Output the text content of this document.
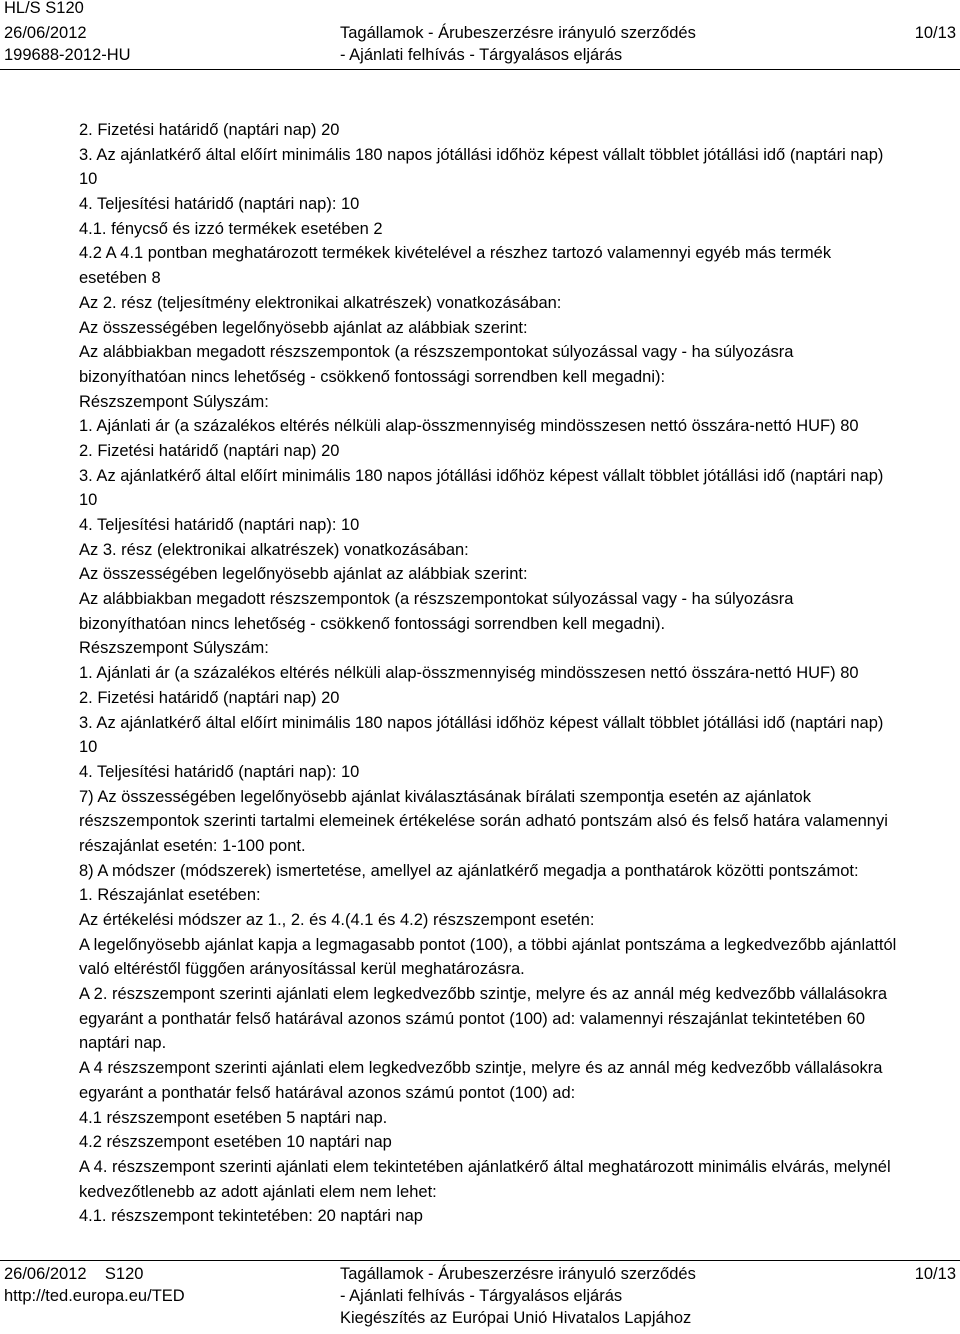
HL/S S120
26/06/2012
199688-2012-HU
Tagállamok - Árubeszerzésre irányuló szerződés
- Ajánlati felhívás - Tárgyalásos eljárás
10/13
2. Fizetési határidő (naptári nap) 20
3. Az ajánlatkérő által előírt minimális 180 napos jótállási időhöz képest vállalt többlet jótállási idő (naptári nap)
10
4. Teljesítési határidő (naptári nap): 10
4.1. fénycső és izzó termékek esetében 2
4.2 A 4.1 pontban meghatározott termékek kivételével a részhez tartozó valamennyi egyéb más termék
esetében 8
Az 2. rész (teljesítmény elektronikai alkatrészek) vonatkozásában:
Az összességében legelőnyösebb ajánlat az alábbiak szerint:
Az alábbiakban megadott részszempontok (a részszempontokat súlyozással vagy - ha súlyozásra
bizonyíthatóan nincs lehetőség - csökkenő fontossági sorrendben kell megadni):
Részszempont Súlyszám:
1. Ajánlati ár (a százalékos eltérés nélküli alap-összmennyiség mindösszesen nettó összára-nettó HUF) 80
2. Fizetési határidő (naptári nap) 20
3. Az ajánlatkérő által előírt minimális 180 napos jótállási időhöz képest vállalt többlet jótállási idő (naptári nap)
10
4. Teljesítési határidő (naptári nap): 10
Az 3. rész (elektronikai alkatrészek) vonatkozásában:
Az összességében legelőnyösebb ajánlat az alábbiak szerint:
Az alábbiakban megadott részszempontok (a részszempontokat súlyozással vagy - ha súlyozásra
bizonyíthatóan nincs lehetőség - csökkenő fontossági sorrendben kell megadni).
Részszempont Súlyszám:
1. Ajánlati ár (a százalékos eltérés nélküli alap-összmennyiség mindösszesen nettó összára-nettó HUF) 80
2. Fizetési határidő (naptári nap) 20
3. Az ajánlatkérő által előírt minimális 180 napos jótállási időhöz képest vállalt többlet jótállási idő (naptári nap)
10
4. Teljesítési határidő (naptári nap): 10
7) Az összességében legelőnyösebb ajánlat kiválasztásának bírálati szempontja esetén az ajánlatok
részszempontok szerinti tartalmi elemeinek értékelése során adható pontszám alsó és felső határa valamennyi
részajánlat esetén: 1-100 pont.
8) A módszer (módszerek) ismertetése, amellyel az ajánlatkérő megadja a ponthatárok közötti pontszámot:
1. Részajánlat esetében:
Az értékelési módszer az 1., 2. és 4.(4.1 és 4.2) részszempont esetén:
A legelőnyösebb ajánlat kapja a legmagasabb pontot (100), a többi ajánlat pontszáma a legkedvezőbb ajánlattól
való eltéréstől függően arányosítással kerül meghatározásra.
A 2. részszempont szerinti ajánlati elem legkedvezőbb szintje, melyre és az annál még kedvezőbb vállalásokra
egyaránt a ponthatár felső határával azonos számú pontot (100) ad: valamennyi részajánlat tekintetében 60
naptári nap.
A 4 részszempont szerinti ajánlati elem legkedvezőbb szintje, melyre és az annál még kedvezőbb vállalásokra
egyaránt a ponthatár felső határával azonos számú pontot (100) ad:
4.1 részszempont esetében 5 naptári nap.
4.2 részszempont esetében 10 naptári nap
A 4. részszempont szerinti ajánlati elem tekintetében ajánlatkérő által meghatározott minimális elvárás, melynél
kedvezőtlenebb az adott ajánlati elem nem lehet:
4.1. részszempont tekintetében: 20 naptári nap
26/06/2012    S120
http://ted.europa.eu/TED
Tagállamok - Árubeszerzésre irányuló szerződés
- Ajánlati felhívás - Tárgyalásos eljárás
Kiegészítés az Európai Unió Hivatalos Lapjához
10/13
